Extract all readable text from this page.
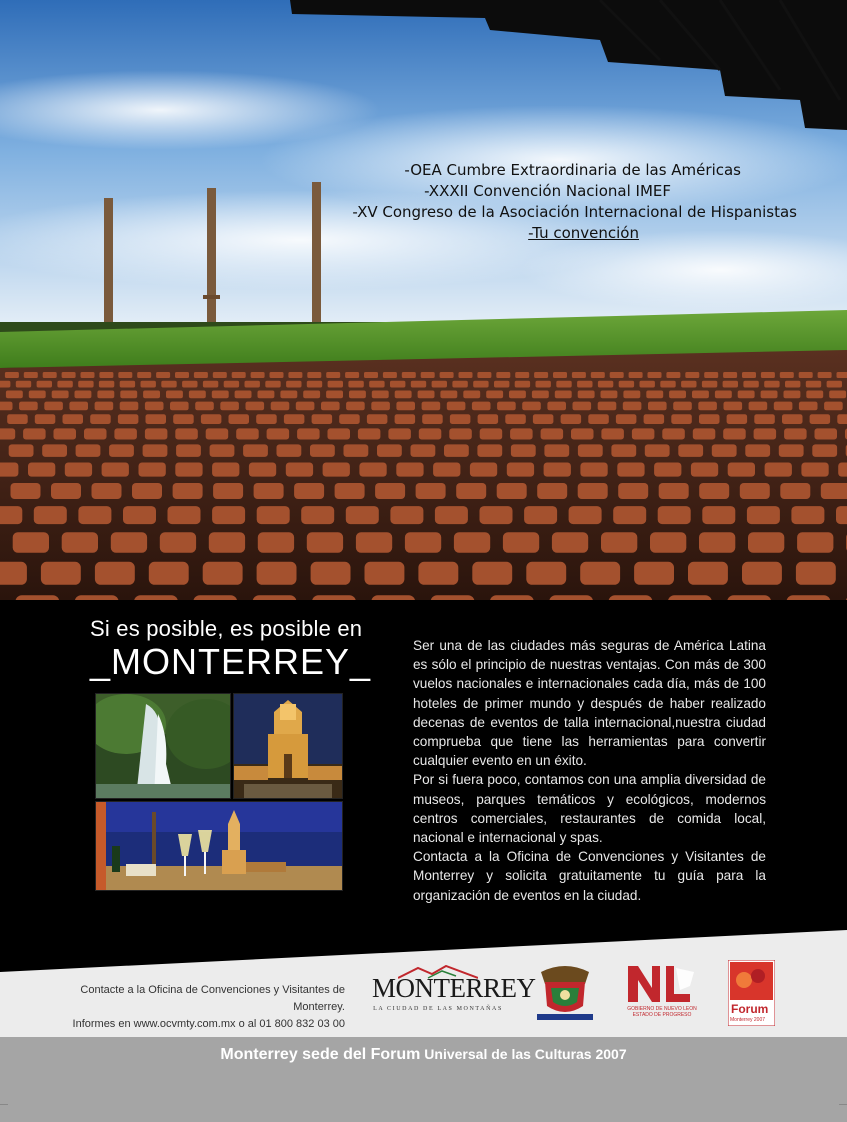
-OEA Cumbre Extraordinaria de las Américas
-XXXII Convención Nacional IMEF
-XV Congreso de la Asociación Internacional de Hispanistas
-Tu convención
Si es posible, es posible en
_MONTERREY_	Ser una de las ciudades más seguras de América Latina es sólo el principio de nuestras ventajas. Con más de 300 vuelos nacionales e internacionales cada día, más de 100 hoteles de primer mundo y después de haber realizado decenas de eventos de talla internacional,nuestra ciudad comprueba que tiene las herramientas para convertir cualquier evento en un éxito.

Por si fuera poco, contamos con una amplia diversidad de museos, parques temáticos y ecológicos, modernos centros comerciales, restaurantes de comida local, nacional e internacional y spas.

Contacta a la Oficina de Convenciones y Visitantes de Monterrey y solicita gratuitamente tu guía para la organización de eventos en la ciudad.

Contacte a la Oficina de Convenciones y Visitantes de Monterrey.
Informes en www.ocvmty.com.mx o al 01 800 832 03 00
MONTERREY
LA CIUDAD DE LAS MONTAÑAS	GOBIERNO DE NUEVO LEON ESTADO DE PROGRESO	Forum
Monterrey 2007
Monterrey sede del Forum Universal de las Culturas 2007
